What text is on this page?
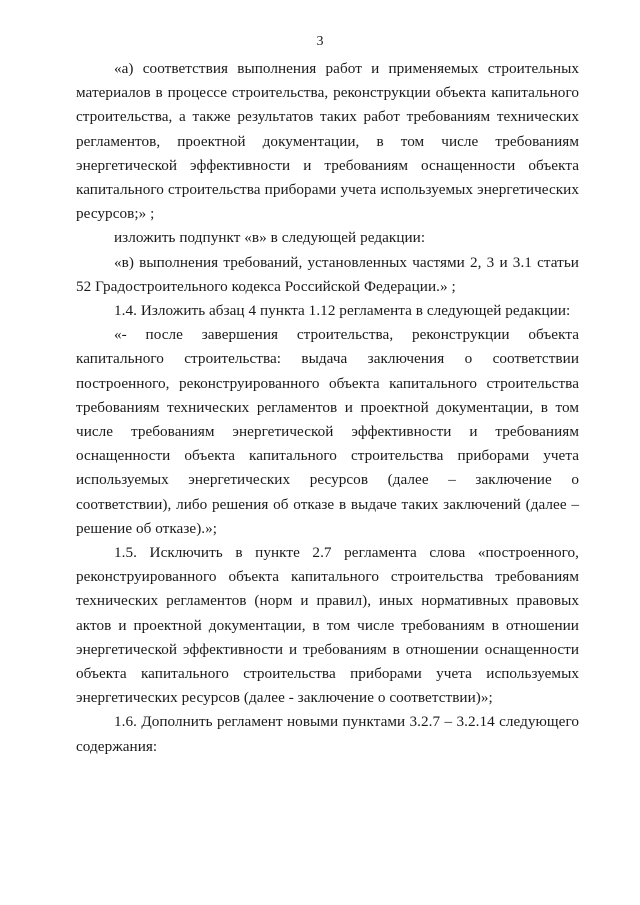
3

«а) соответствия выполнения работ и применяемых строительных материалов в процессе строительства, реконструкции объекта капитального строительства, а также результатов таких работ требованиям технических регламентов, проектной документации, в том числе требованиям энергетической эффективности и требованиям оснащенности объекта капитального строительства приборами учета используемых энергетических ресурсов;» ;

изложить подпункт «в» в следующей редакции:

«в) выполнения требований, установленных частями 2, 3 и 3.1 статьи 52 Градостроительного кодекса Российской Федерации.» ;

1.4. Изложить абзац 4 пункта 1.12 регламента в следующей редакции:

«- после завершения строительства, реконструкции объекта капитального строительства: выдача заключения о соответствии построенного, реконструированного объекта капитального строительства требованиям технических регламентов и проектной документации, в том числе требованиям энергетической эффективности и требованиям оснащенности объекта капитального строительства приборами учета используемых энергетических ресурсов (далее – заключение о соответствии), либо решения об отказе в выдаче таких заключений (далее – решение об отказе).»;

1.5. Исключить в пункте 2.7 регламента слова «построенного, реконструированного объекта капитального строительства требованиям технических регламентов (норм и правил), иных нормативных правовых актов и проектной документации, в том числе требованиям в отношении энергетической эффективности и требованиям в отношении оснащенности объекта капитального строительства приборами учета используемых энергетических ресурсов (далее - заключение о соответствии)»;

1.6. Дополнить регламент новыми пунктами 3.2.7 – 3.2.14 следующего содержания:
